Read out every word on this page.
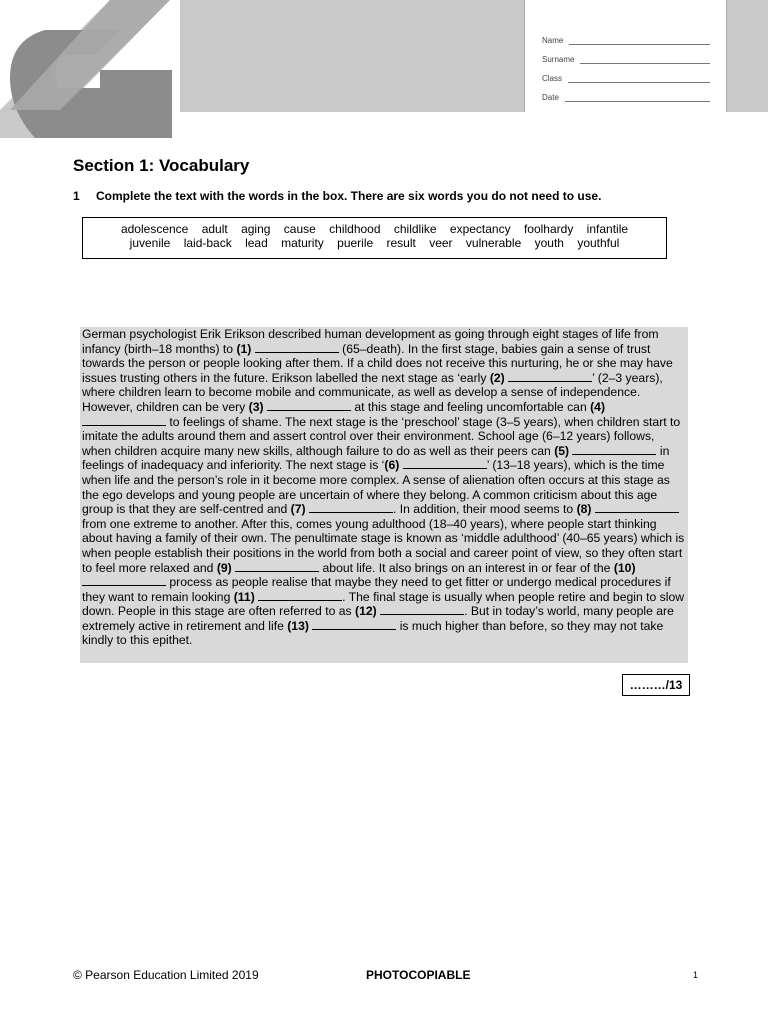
Name
Surname
Class
Date
Section 1: Vocabulary
1 Complete the text with the words in the box. There are six words you do not need to use.
adolescence adult aging cause childhood childlike expectancy foolhardy infantile
juvenile laid-back lead maturity puerile result veer vulnerable youth youthful

German psychologist Erik Erikson described human development as going through eight stages of life from infancy (birth–18 months) to (1)	(65–death). In the first stage, babies gain a sense of trust towards the person or people looking after them. If a child does not receive this nurturing, he or she may have issues trusting others in the future. Erikson labelled the next stage as ‘early (2)	’ (2–3 years), where children learn to become mobile and communicate, as well as develop a sense of independence. However, children can be very (3)	at this stage and feeling uncomfortable can (4)  to feelings of shame. The next stage is the ‘preschool’ stage (3–5 years), when children start to imitate the adults around them and assert control over their environment. School age (6–12 years) follows, when children acquire many new skills, although failure to do as well as their peers can (5)	in feelings of inadequacy and inferiority. The next stage is ‘(6)	’ (13–18 years), which is the time when life and the person’s role in it become more complex. A sense of alienation often occurs at this stage as the ego develops and young people are uncertain of where they belong. A common criticism about this age group is that they are self-centred and (7)	. In addition, their mood seems to (8)  from one extreme to another. After this, comes young adulthood (18–40 years), where people start thinking about having a family of their own. The penultimate stage is known as ‘middle adulthood’ (40–65 years) which is when people establish their positions in the world from both a social and career point of view, so they often start to feel more relaxed and (9)	about life. It also brings on an interest in or fear of the (10)  process as people realise that maybe they need to get fitter or undergo medical procedures if they want to remain looking (11)	. The final stage is usually when people retire and begin to slow down. People in this stage are often referred to as (12)	. But in today’s world, many people are extremely active in retirement and life (13)	is much higher than before, so they may not take kindly to this epithet.

………/13
© Pearson Education Limited 2019	PHOTOCOPIABLE	1
